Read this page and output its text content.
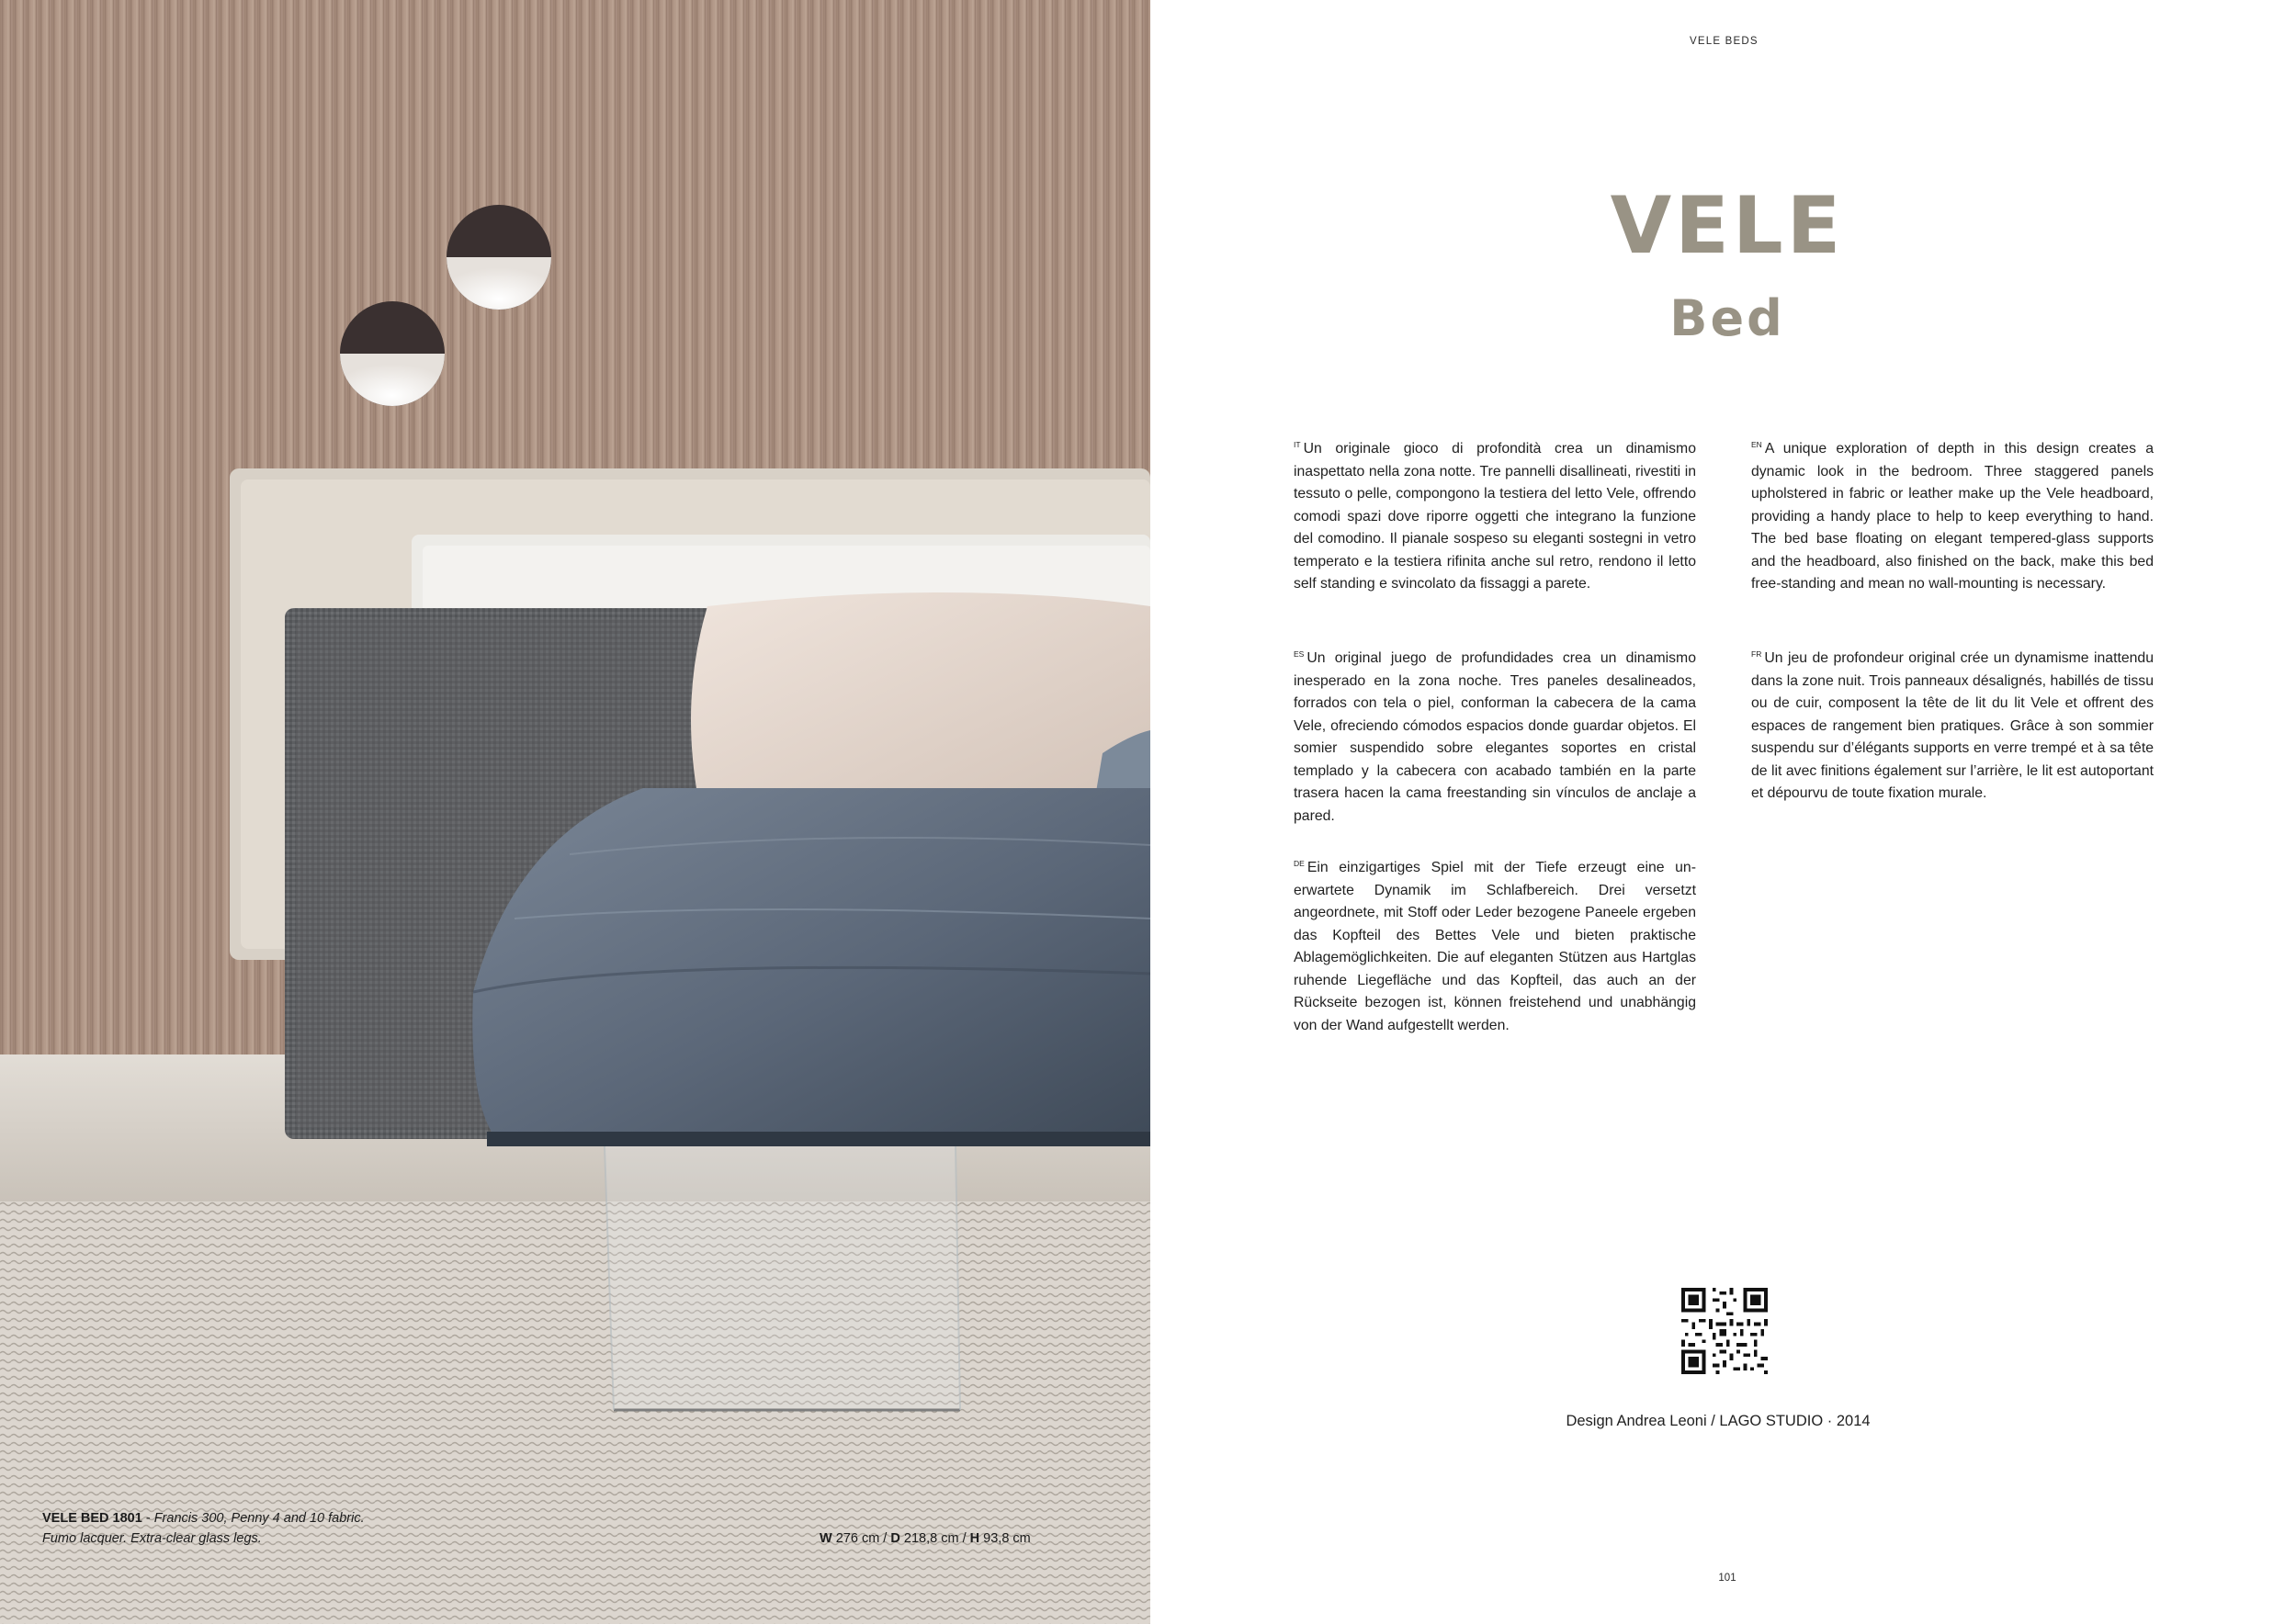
VELE BED 1801 - Francis 300, Penny 4 and 10 fabric.
Fumo lacquer. Extra-clear glass legs.	W 276 cm / D 218,8 cm / H 93,8 cm
VELE BEDS
VELE
Bed

$^{IT}$ Un originale gioco di profondità crea un dinamismo inaspettato nella zona notte. Tre pannelli disallineati, rivestiti in tessuto o pelle, compongono la testiera del letto Vele, offrendo comodi spazi dove riporre oggetti che integrano la funzione del comodino. Il pianale sospeso su eleganti sostegni in vetro temperato e la testiera rifinita anche sul retro, rendono il letto self standing e svincolato da fissaggi a parete.

$^{ES}$ Un original juego de profundidades crea un dinamismo inesperado en la zona noche. Tres paneles desalineados, forrados con tela o piel, conforman la cabecera de la cama Vele, ofreciendo cómodos espacios donde guardar objetos. El somier suspendido sobre elegantes soportes en cristal templado y la cabecera con acabado también en la parte trasera hacen la cama freestanding sin vínculos de anclaje a pared.

$^{DE}$ Ein einzigartiges Spiel mit der Tiefe erzeugt eine unerwartete Dynamik im Schlafbereich. Drei versetzt angeordnete, mit Stoff oder Leder bezogene Paneele ergeben das Kopfteil des Bettes Vele und bieten praktische Ablagemöglichkeiten. Die auf eleganten Stützen aus Hartglas ruhende Liegefläche und das Kopfteil, das auch an der Rückseite bezogen ist, können freistehend und unabhängig von der Wand aufgestellt werden.

$^{EN}$ A unique exploration of depth in this design creates a dynamic look in the bedroom. Three staggered panels upholstered in fabric or leather make up the Vele headboard, providing a handy place to help to keep everything to hand. The bed base floating on elegant tempered-glass supports and the headboard, also finished on the back, make this bed free-standing and mean no wall-mounting is necessary.

$^{FR}$ Un jeu de profondeur original crée un dynamisme inattendu dans la zone nuit. Trois panneaux désalignés, habillés de tissu ou de cuir, composent la tête de lit du lit Vele et offrent des espaces de rangement bien pratiques. Grâce à son sommier suspendu sur d’élégants supports en verre trempé et à sa tête de lit avec finitions également sur l’arrière, le lit est autoportant et dépourvu de toute fixation murale.

Design Andrea Leoni / LAGO STUDIO · 2014
101
